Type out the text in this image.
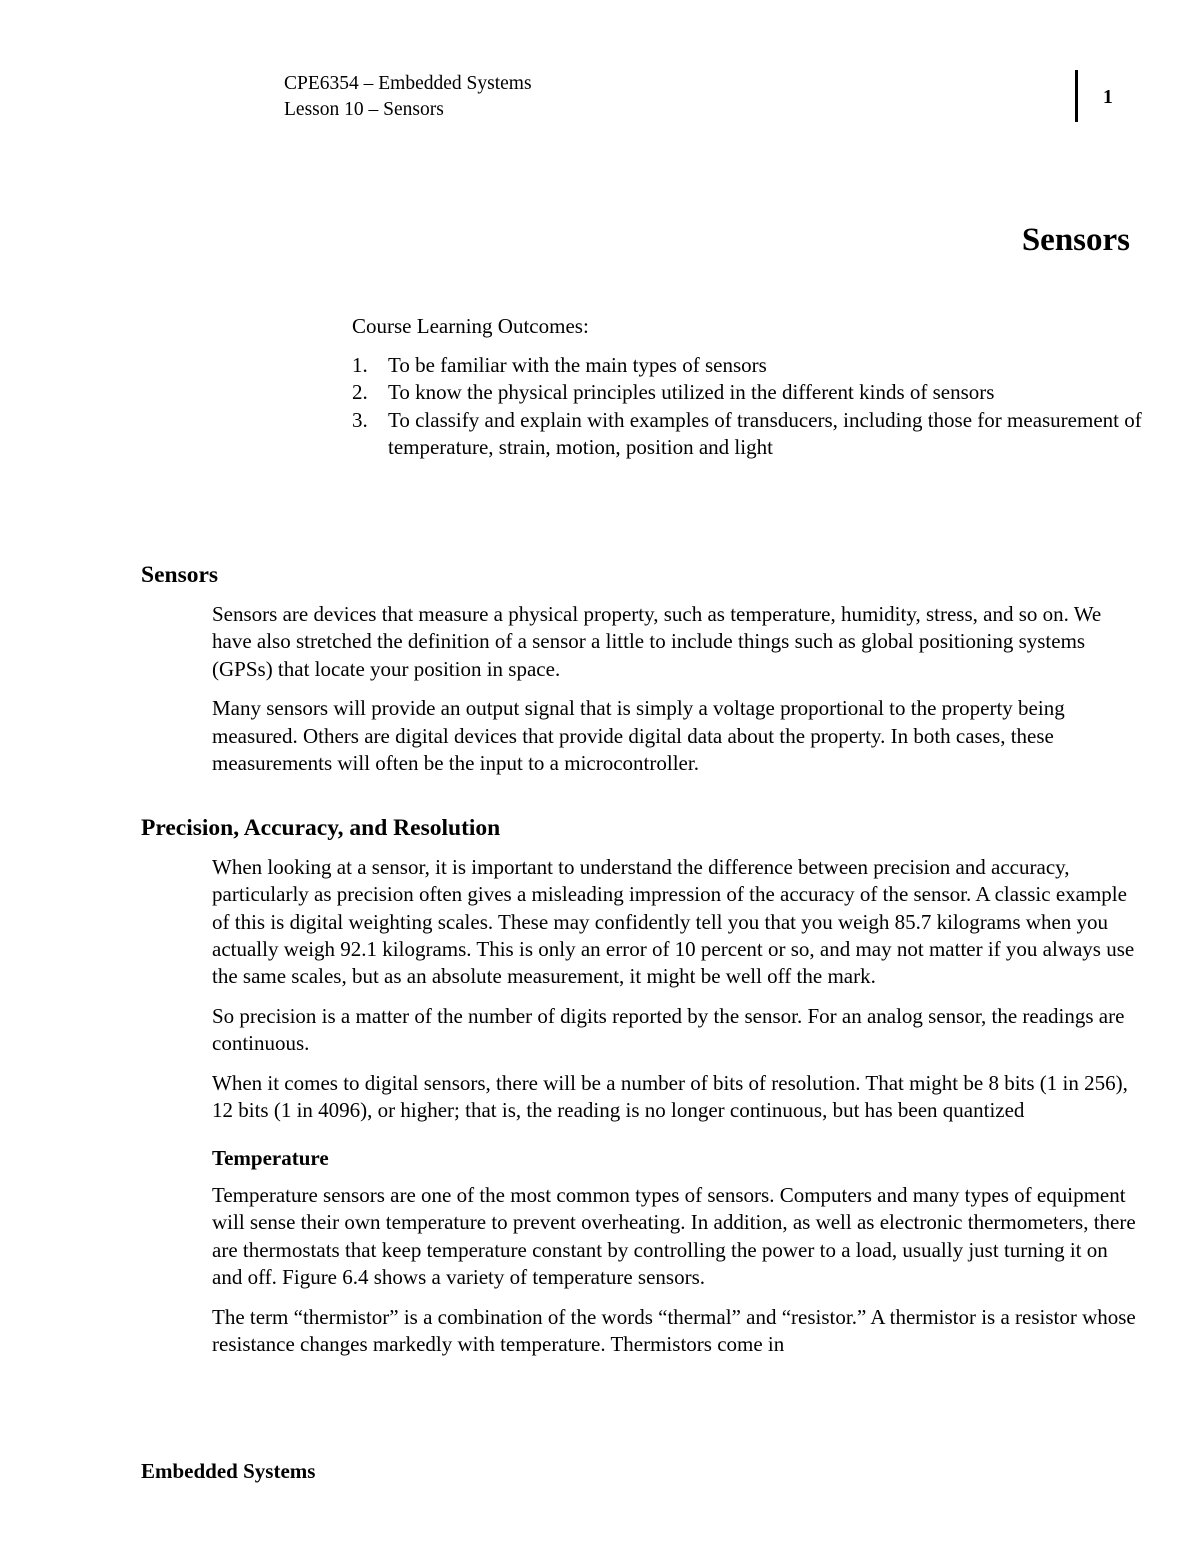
CPE6354 – Embedded Systems
Lesson 10 – Sensors
1
Sensors
Course Learning Outcomes:
1. To be familiar with the main types of sensors
2. To know the physical principles utilized in the different kinds of sensors
3. To classify and explain with examples of transducers, including those for measurement of temperature, strain, motion, position and light
Sensors

Sensors are devices that measure a physical property, such as temperature, humidity, stress, and so on. We have also stretched the definition of a sensor a little to include things such as global positioning systems (GPSs) that locate your position in space.

Many sensors will provide an output signal that is simply a voltage proportional to the property being measured. Others are digital devices that provide digital data about the property. In both cases, these measurements will often be the input to a microcontroller.

Precision, Accuracy, and Resolution

When looking at a sensor, it is important to understand the difference between precision and accuracy, particularly as precision often gives a misleading impression of the accuracy of the sensor. A classic example of this is digital weighting scales. These may confidently tell you that you weigh 85.7 kilograms when you actually weigh 92.1 kilograms. This is only an error of 10 percent or so, and may not matter if you always use the same scales, but as an absolute measurement, it might be well off the mark.

So precision is a matter of the number of digits reported by the sensor. For an analog sensor, the readings are continuous.

When it comes to digital sensors, there will be a number of bits of resolution. That might be 8 bits (1 in 256), 12 bits (1 in 4096), or higher; that is, the reading is no longer continuous, but has been quantized

Temperature

Temperature sensors are one of the most common types of sensors. Computers and many types of equipment will sense their own temperature to prevent overheating. In addition, as well as electronic thermometers, there are thermostats that keep temperature constant by controlling the power to a load, usually just turning it on and off. Figure 6.4 shows a variety of temperature sensors.

The term “thermistor” is a combination of the words “thermal” and “resistor.” A thermistor is a resistor whose resistance changes markedly with temperature. Thermistors come in

Embedded Systems
